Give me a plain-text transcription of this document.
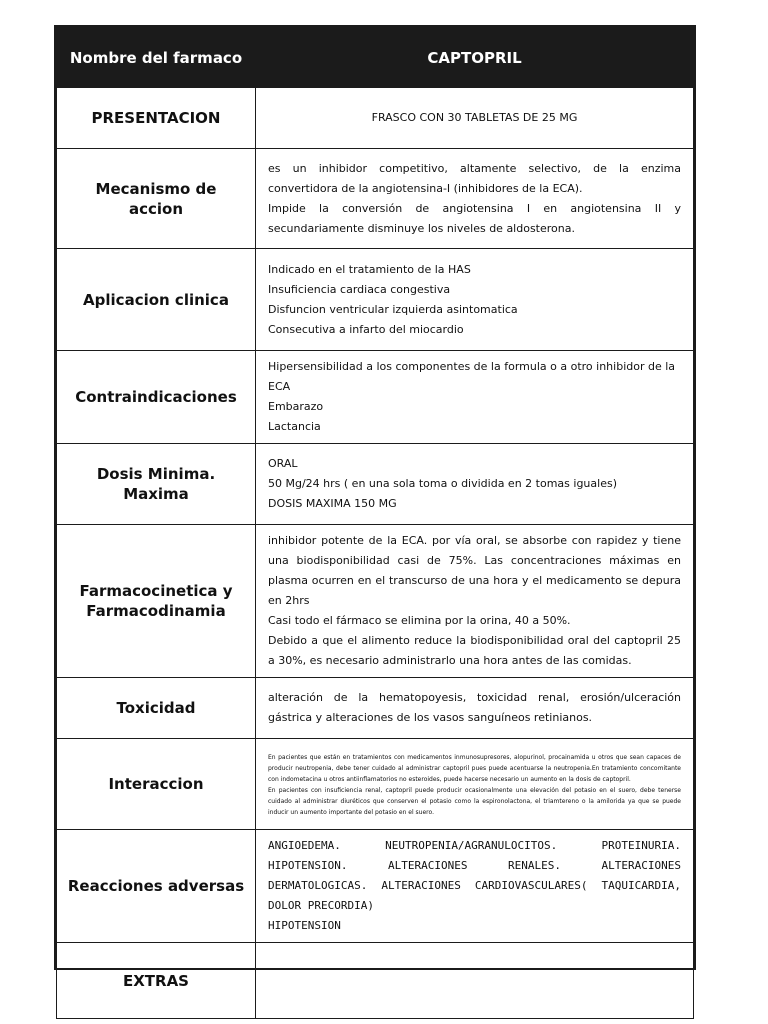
Nombre del farmaco	CAPTOPRIL
PRESENTACION	FRASCO CON 30 TABLETAS DE 25 MG

Mecanismo de accion	es un inhibidor competitivo, altamente selectivo, de la enzima convertidora de la angiotensina-I (inhibidores de la ECA).

Impide la conversión de angiotensina I en angiotensina II y secundariamente disminuye los niveles de aldosterona.

Aplicacion clinica	Indicado en el tratamiento de la HAS

Insuficiencia cardiaca congestiva

Disfuncion ventricular izquierda asintomatica

Consecutiva a infarto del miocardio

Contraindicaciones	Hipersensibilidad a los componentes de la formula o a otro inhibidor de la ECA

Embarazo

Lactancia

Dosis Minima. Maxima	ORAL

50 Mg/24 hrs ( en una sola toma o dividida en 2 tomas iguales)

DOSIS MAXIMA 150 MG

Farmacocinetica y Farmacodinamia	inhibidor potente de la ECA. por vía oral, se absorbe con rapidez y tiene una biodisponibilidad casi de 75%. Las concentraciones máximas en plasma ocurren en el transcurso de una hora y el medicamento se depura en 2hrs

Casi todo el fármaco se elimina por la orina, 40 a 50%.

Debido a que el alimento reduce la biodisponibilidad oral del captopril 25 a 30%, es necesario administrarlo una hora antes de las comidas.

Toxicidad	alteración de la hematopoyesis, toxicidad renal, erosión/ulceración gástrica y alteraciones de los vasos sanguíneos retinianos.

Interaccion	En pacientes que están en tratamientos con medicamentos inmunosupresores, alopurinol, procainamida u otros que sean capaces de producir neutropenia, debe tener cuidado al administrar captopril pues puede acentuarse la neutropenia.En tratamiento concomitante con indometacina u otros antiinflamatorios no esteroides, puede hacerse necesario un aumento en la dosis de captopril.

En pacientes con insuficiencia renal, captopril puede producir ocasionalmente una elevación del potasio en el suero, debe tenerse cuidado al administrar diuréticos que conserven el potasio como la espironolactona, el triamtereno o la amilorida ya que se puede inducir un aumento importante del potasio en el suero.

Reacciones adversas	ANGIOEDEMA. NEUTROPENIA/AGRANULOCITOS. PROTEINURIA. HIPOTENSION. ALTERACIONES RENALES. ALTERACIONES DERMATOLOGICAS. ALTERACIONES CARDIOVASCULARES( TAQUICARDIA, DOLOR PRECORDIA)

HIPOTENSION

EXTRAS	
